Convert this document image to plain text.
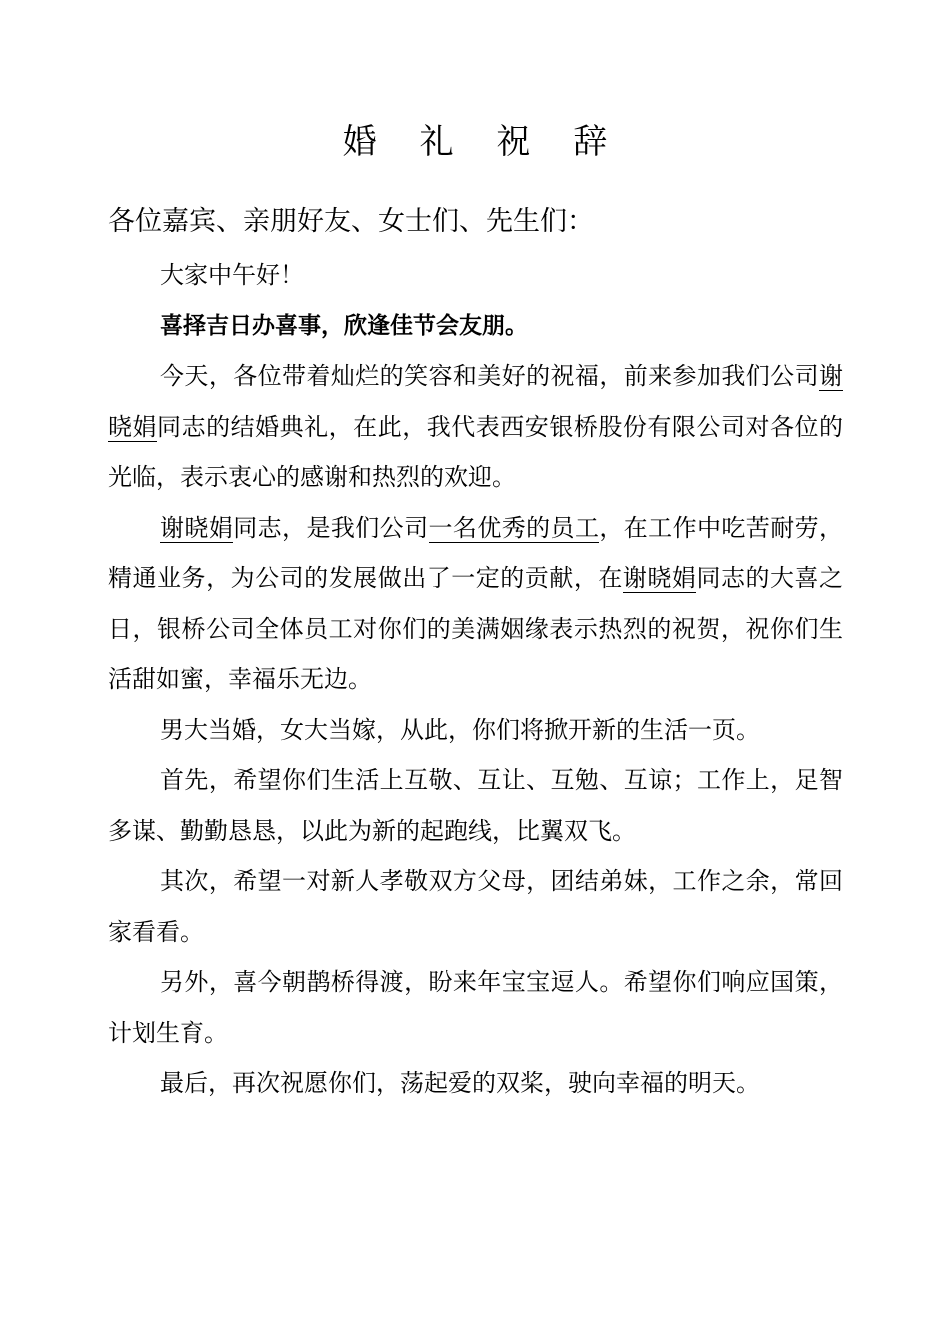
婚 礼 祝 辞
各位嘉宾、亲朋好友、女士们、先生们：

大家中午好！

喜择吉日办喜事，欣逢佳节会友朋。

今天，各位带着灿烂的笑容和美好的祝福，前来参加我们公司谢晓娟同志的结婚典礼，在此，我代表西安银桥股份有限公司对各位的光临，表示衷心的感谢和热烈的欢迎。

谢晓娟同志，是我们公司一名优秀的员工，在工作中吃苦耐劳，精通业务，为公司的发展做出了一定的贡献，在谢晓娟同志的大喜之日，银桥公司全体员工对你们的美满姻缘表示热烈的祝贺，祝你们生活甜如蜜，幸福乐无边。

男大当婚，女大当嫁，从此，你们将掀开新的生活一页。

首先，希望你们生活上互敬、互让、互勉、互谅；工作上，足智多谋、勤勤恳恳，以此为新的起跑线，比翼双飞。

其次，希望一对新人孝敬双方父母，团结弟妹，工作之余，常回家看看。

另外，喜今朝鹊桥得渡，盼来年宝宝逗人。希望你们响应国策，计划生育。

最后，再次祝愿你们，荡起爱的双桨，驶向幸福的明天。
